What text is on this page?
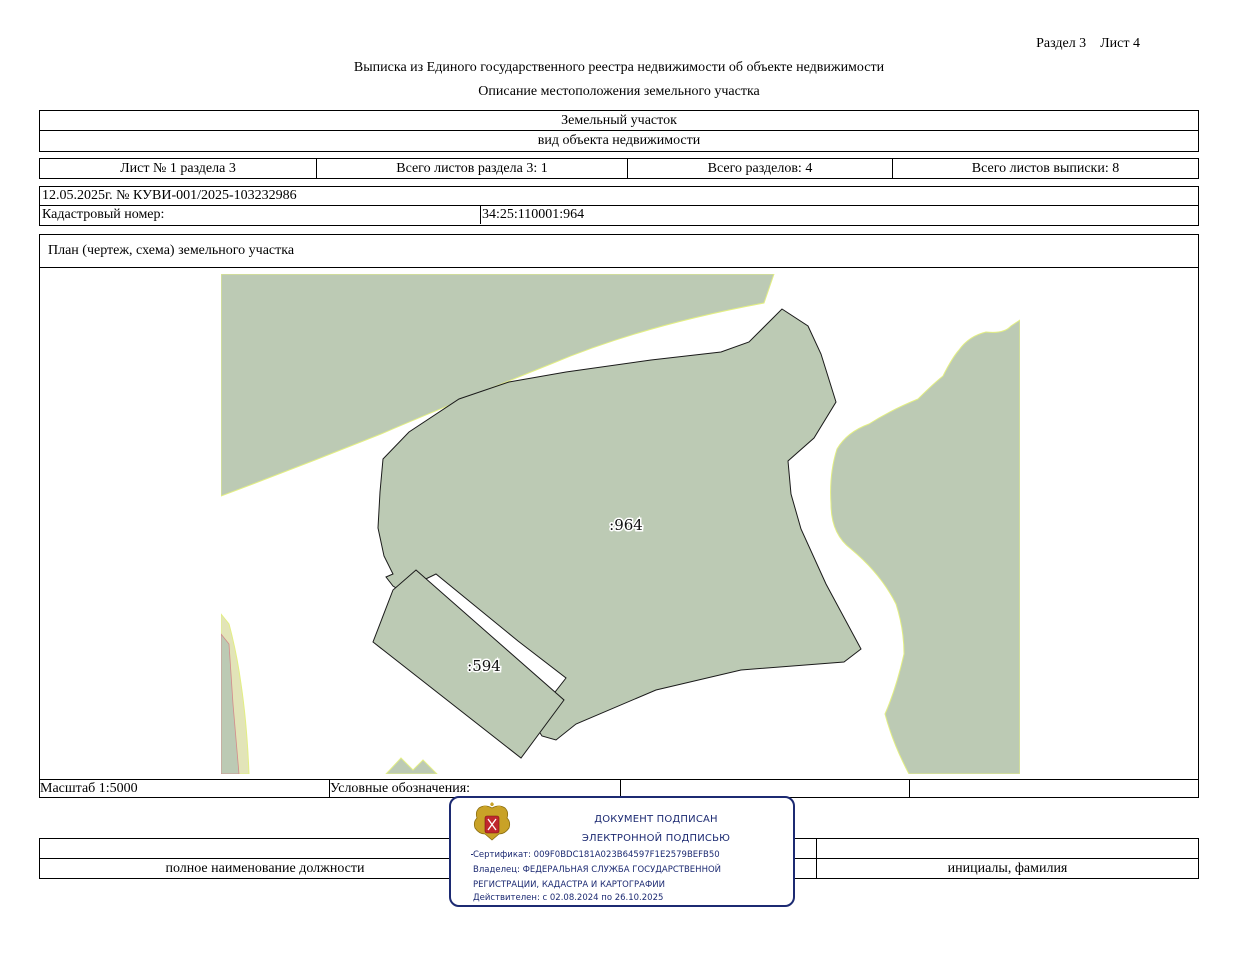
Раздел 3    Лист 4
Выписка из Единого государственного реестра недвижимости об объекте недвижимости
Описание местоположения земельного участка
Земельный участок
вид объекта недвижимости
Лист № 1 раздела 3	Всего листов раздела 3: 1	Всего разделов: 4	Всего листов выписки: 8
12.05.2025г. № КУВИ-001/2025-103232986
Кадастровый номер:	34:25:110001:964
План (чертеж, схема) земельного участка
:964
:594
Масштаб 1:5000	Условные обозначения:
полное наименование должности	инициалы, фамилия
ДОКУМЕНТ ПОДПИСАН
ЭЛЕКТРОННОЙ ПОДПИСЬЮ
Сертификат: 009F0BDC181A023B64597F1E2579BEFB50
Владелец: ФЕДЕРАЛЬНАЯ СЛУЖБА ГОСУДАРСТВЕННОЙ
РЕГИСТРАЦИИ, КАДАСТРА И КАРТОГРАФИИ
Действителен: с 02.08.2024 по 26.10.2025
